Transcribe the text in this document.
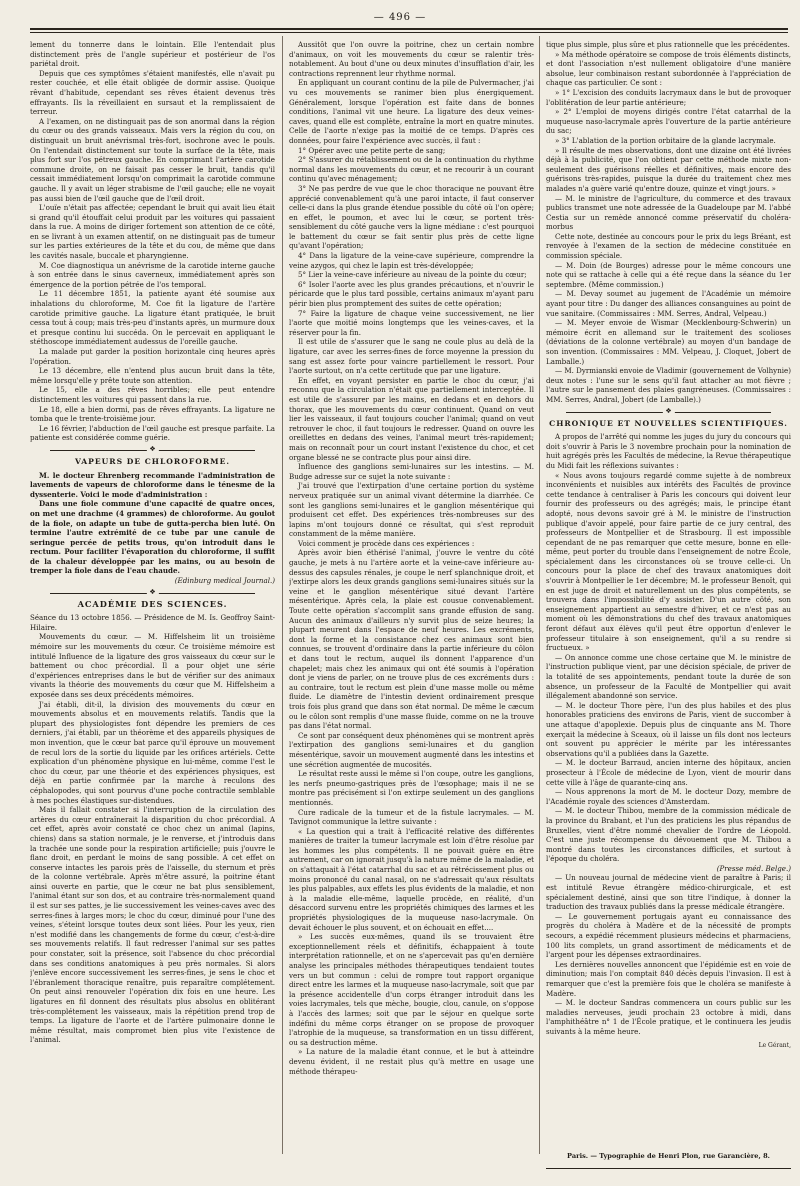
— 496 —

lement du tonnerre dans le lointain. Elle l'entendait plus distinctement près de l'angle supérieur et postérieur de l'os pariétal droit.

Depuis que ces symptômes s'étaient manifestés, elle n'avait pu rester couchée, et elle était obligée de dormir assise. Quoique rêvant d'habitude, cependant ses rêves étaient devenus très effrayants. Ils la réveillaient en sursaut et la remplissaient de terreur.

A l'examen, on ne distinguait pas de son anormal dans la région du cœur ou des grands vaisseaux. Mais vers la région du cou, on distinguait un bruit anévrismal très-fort, isochrone avec le pouls. On l'entendait distinctement sur toute la surface de la tête, mais plus fort sur l'os pétreux gauche. En comprimant l'artère carotide commune droite, on ne faisait pas cesser le bruit, tandis qu'il cessait immédiatement lorsqu'on comprimait la carotide commune gauche. Il y avait un léger strabisme de l'œil gauche; elle ne voyait pas aussi bien de l'œil gauche que de l'œil droit.

L'ouïe n'était pas affectée; cependant le bruit qui avait lieu était si grand qu'il étouffait celui produit par les voitures qui passaient dans la rue. A moins de diriger fortement son attention de ce côté, en se livrant à un examen attentif, on ne distinguait pas de tumeur sur les parties extérieures de la tête et du cou, de même que dans les cavités nasale, buccale et pharyngienne.

M. Coe diagnostiqua un anévrisme de la carotide interne gauche à son entrée dans le sinus caverneux, immédiatement après son émergence de la portion pétrée de l'os temporal.

Le 11 décembre 1851, la patiente ayant été soumise aux inhalations du chloroforme, M. Coe fit la ligature de l'artère carotide primitive gauche. La ligature étant pratiquée, le bruit cessa tout à coup; mais très-peu d'instants après, un murmure doux et presque continu lui succéda. On le percevait en appliquant le stéthoscope immédiatement audessus de l'oreille gauche.

La malade put garder la position horizontale cinq heures après l'opération.

Le 13 décembre, elle n'entend plus aucun bruit dans la tête, même lorsqu'elle y prête toute son attention.

Le 15, elle a des rêves horribles; elle peut entendre distinctement les voitures qui passent dans la rue.

Le 18, elle a bien dormi, pas de rêves effrayants. La ligature ne tomba que le trente-troisième jour.

Le 16 février, l'abduction de l'œil gauche est presque parfaite. La patiente est considérée comme guérie.

❖
VAPEURS DE CHLOROFORME.

M. le docteur Ehrenberg recommande l'administration de lavements de vapeurs de chloroforme dans le ténesme de la dyssenterie. Voici le mode d'administration :

Dans une fiole commune d'une capacité de quatre onces, on met une drachme (4 grammes) de chloroforme. Au goulot de la fiole, on adapte un tube de gutta-percha bien luté. On termine l'autre extrémité de ce tube par une canule de seringue percée de petits trous, qu'on introduit dans le rectum. Pour faciliter l'évaporation du chloroforme, il suffit de la chaleur développée par les mains, ou au besoin de tremper la fiole dans de l'eau chaude.

(Edinburg medical Journal.)
❖
ACADÉMIE DES SCIENCES.

Séance du 13 octobre 1856. — Présidence de M. Is. Geoffroy Saint-Hilaire.

Mouvements du cœur. — M. Hiffelsheim lit un troisième mémoire sur les mouvements du cœur. Ce troisième mémoire est intitulé Influence de la ligature des gros vaisseaux du cœur sur le battement ou choc précordial. Il a pour objet une série d'expériences entreprises dans le but de vérifier sur des animaux vivants la théorie des mouvements du cœur que M. Hiffelsheim a exposée dans ses deux précédents mémoires.

J'ai établi, dit-il, la division des mouvements du cœur en mouvements absolus et en mouvements relatifs. Tandis que la plupart des physiologistes font dépendre les premiers de ces derniers, j'ai établi, par un théorème et des appareils physiques de mon invention, que le cœur bat parce qu'il éprouve un mouvement de recul lors de la sortie du liquide par les orifices artériels. Cette explication d'un phénomène physique en lui-même, comme l'est le choc du cœur, par une théorie et des expériences physiques, est déjà en partie confirmée par la marche à reculons des céphalopodes, qui sont pourvus d'une poche contractile semblable à mes poches élastiques sur-distendues.

Mais il fallait constater si l'interruption de la circulation des artères du cœur entraînerait la disparition du choc précordial. A cet effet, après avoir constaté ce choc chez un animal (lapins, chiens) dans sa station normale, je le renverse, et j'introduis dans la trachée une sonde pour la respiration artificielle; puis j'ouvre le flanc droit, en perdant le moins de sang possible. A cet effet on conserve intactes les parois près de l'aisselle, du sternum et près de la colonne vertébrale. Après m'être assuré, la poitrine étant ainsi ouverte en partie, que le cœur ne bat plus sensiblement, l'animal étant sur son dos, et au contraire très-normalement quand il est sur ses pattes, je lie successivement les veines-caves avec des serres-fines à larges mors; le choc du cœur, diminué pour l'une des veines, s'éteint lorsque toutes deux sont liées. Pour les yeux, rien n'est modifié dans les changements de forme du cœur, c'est-à-dire ses mouvements relatifs. Il faut redresser l'animal sur ses pattes pour constater, soit la présence, soit l'absence du choc précordial dans ses conditions anatomiques à peu près normales. Si alors j'enlève encore successivement les serres-fines, je sens le choc et l'ébranlement thoracique renaître, puis reparaître complétement. On peut ainsi renouveler l'opération dix fois en une heure. Les ligatures en fil donnent des résultats plus absolus en oblitérant très-complétement les vaisseaux, mais la répétition prend trop de temps. La ligature de l'aorte et de l'artère pulmonaire donne le même résultat, mais compromet bien plus vite l'existence de l'animal.

Aussitôt que l'on ouvre la poitrine, chez un certain nombre d'animaux, on voit les mouvements du cœur se ralentir très-notablement. Au bout d'une ou deux minutes d'insufflation d'air, les contractions reprennent leur rhythme normal.

En appliquant un courant continu de la pile de Pulvermacher, j'ai vu ces mouvements se ranimer bien plus énergiquement. Généralement, lorsque l'opération est faite dans de bonnes conditions, l'animal vit une heure. La ligature des deux veines-caves, quand elle est complète, entraîne la mort en quatre minutes. Celle de l'aorte n'exige pas la moitié de ce temps. D'après ces données, pour faire l'expérience avec succès, il faut :

1° Opérer avec une petite perte de sang;

2° S'assurer du rétablissement ou de la continuation du rhythme normal dans les mouvements du cœur, et ne recourir à un courant continu qu'avec ménagement;

3° Ne pas perdre de vue que le choc thoracique ne pouvant être apprécié convenablement qu'à une paroi intacte, il faut conserver celle-ci dans la plus grande étendue possible du côté où l'on opère; en effet, le poumon, et avec lui le cœur, se portent très-sensiblement du côté gauche vers la ligne médiane : c'est pourquoi le battement du cœur se fait sentir plus près de cette ligne qu'avant l'opération;

4° Dans la ligature de la veine-cave supérieure, comprendre la veine azygos, qui chez le lapin est très-développée;

5° Lier la veine-cave inférieure au niveau de la pointe du cœur;

6° Isoler l'aorte avec les plus grandes précautions, et n'ouvrir le péricarde que le plus tard possible, certains animaux m'ayant paru périr bien plus promptement des suites de cette opération;

7° Faire la ligature de chaque veine successivement, ne lier l'aorte que moitié moins longtemps que les veines-caves, et la réserver pour la fin.

Il est utile de s'assurer que le sang ne coule plus au delà de la ligature, car avec les serres-fines de force moyenne la pression du sang est assez forte pour vaincre partiellement le ressort. Pour l'aorte surtout, on n'a cette certitude que par une ligature.

En effet, en voyant persister en partie le choc du cœur, j'ai reconnu que la circulation n'était que partiellement interceptée. Il est utile de s'assurer par les mains, en dedans et en dehors du thorax, que les mouvements du cœur continuent. Quand on veut lier les vaisseaux, il faut toujours coucher l'animal; quand on veut retrouver le choc, il faut toujours le redresser. Quand on ouvre les oreillettes en dedans des veines, l'animal meurt très-rapidement; mais on reconnaît pour un court instant l'existence du choc, et cet organe blessé ne se contracte plus pour ainsi dire.

Influence des ganglions semi-lunaires sur les intestins. — M. Budge adresse sur ce sujet la note suivante :

J'ai trouvé que l'extirpation d'une certaine portion du système nerveux pratiquée sur un animal vivant détermine la diarrhée. Ce sont les ganglions semi-lunaires et le ganglion mésentérique qui produisent cet effet. Des expériences très-nombreuses sur des lapins m'ont toujours donné ce résultat, qui s'est reproduit constamment de la même manière.

Voici comment je procède dans ces expériences :

Après avoir bien éthérisé l'animal, j'ouvre le ventre du côté gauche, je mets à nu l'artère aorte et la veine-cave inférieure au-dessus des capsules rénales, je coupe le nerf splanchnique droit, et j'extirpe alors les deux grands ganglions semi-lunaires situés sur la veine et le ganglion mésentérique situé devant l'artère mésentérique. Après cela, la plaie est cousue convenablement. Toute cette opération s'accomplit sans grande effusion de sang. Aucun des animaux d'ailleurs n'y survit plus de seize heures; la plupart meurent dans l'espace de neuf heures. Les excréments, dont la forme et la consistance chez ces animaux sont bien connues, se trouvent d'ordinaire dans la partie inférieure du côlon et dans tout le rectum, auquel ils donnent l'apparence d'un chapelet; mais chez les animaux qui ont été soumis à l'opération dont je viens de parler, on ne trouve plus de ces excréments durs : au contraire, tout le rectum est plein d'une masse molle ou même fluide. Le diamètre de l'intestin devient ordinairement presque trois fois plus grand que dans son état normal. De même le cæcum ou le côlon sont remplis d'une masse fluide, comme on ne la trouve pas dans l'état normal.

Ce sont par conséquent deux phénomènes qui se montrent après l'extirpation des ganglions semi-lunaires et du ganglion mésentérique, savoir un mouvement augmenté dans les intestins et une sécrétion augmentée de mucosités.

Le résultat reste aussi le même si l'on coupe, outre les ganglions, les nerfs pneumo-gastriques près de l'œsophage; mais il ne se montre pas précisément si l'on extirpe seulement un des ganglions mentionnés.

Cure radicale de la tumeur et de la fistule lacrymales. — M. Tavignot communique la lettre suivante :

« La question qui a trait à l'efficacité relative des différentes manières de traiter la tumeur lacrymale est loin d'être résolue par les hommes les plus compétents. Il ne pouvait guère en être autrement, car on ignorait jusqu'à la nature même de la maladie, et on s'attaquait à l'état catarrhal du sac et au rétrécissement plus ou moins prononcé du canal nasal, on ne s'adressait qu'aux résultats les plus palpables, aux effets les plus évidents de la maladie, et non à la maladie elle-même, laquelle procède, en réalité, d'un désaccord survenu entre les propriétés chimiques des larmes et les propriétés physiologiques de la muqueuse naso-lacrymale. On devait échouer le plus souvent, et on échouait en effet....

» Les succès eux-mêmes, quand ils se trouvaient être exceptionnellement réels et définitifs, échappaient à toute interprétation rationnelle, et on ne s'apercevait pas qu'en dernière analyse les principales méthodes thérapeutiques tendaient toutes vers un but commun : celui de rompre tout rapport organique direct entre les larmes et la muqueuse naso-lacrymale, soit que par la présence accidentelle d'un corps étranger introduit dans les voies lacrymales, tels que mèche, bougie, clou, canule, on s'oppose à l'accès des larmes; soit que par le séjour en quelque sorte indéfini du même corps étranger on se propose de provoquer l'atrophie de la muqueuse, sa transformation en un tissu différent, ou sa destruction même.

» La nature de la maladie étant connue, et le but à atteindre devenu évident, il ne restait plus qu'à mettre en usage une méthode thérapeu-

tique plus simple, plus sûre et plus rationnelle que les précédentes.

» Ma méthode opératoire se compose de trois éléments distincts, et dont l'association n'est nullement obligatoire d'une manière absolue, leur combinaison restant subordonnée à l'appréciation de chaque cas particulier. Ce sont :

» 1° L'excision des conduits lacrymaux dans le but de provoquer l'oblitération de leur partie antérieure;

» 2° L'emploi de moyens dirigés contre l'état catarrhal de la muqueuse naso-lacrymale après l'ouverture de la partie antérieure du sac;

» 3° L'ablation de la portion orbitaire de la glande lacrymale.

» Il résulte de mes observations, dont une dizaine ont été livrées déjà à la publicité, que l'on obtient par cette méthode mixte non-seulement des guérisons réelles et définitives, mais encore des guérisons très-rapides, puisque la durée du traitement chez mes malades n'a guère varié qu'entre douze, quinze et vingt jours. »

— M. le ministre de l'agriculture, du commerce et des travaux publics transmet une note adressée de la Guadeloupe par M. l'abbé Cestia sur un remède annoncé comme préservatif du choléra-morbus

Cette note, destinée au concours pour le prix du legs Bréant, est renvoyée à l'examen de la section de médecine constituée en commission spéciale.

— M. Doin (de Bourges) adresse pour le même concours une note qui se rattache à celle qui a été reçue dans la séance du 1er septembre. (Même commission.)

— M. Devay soumet au jugement de l'Académie un mémoire ayant pour titre : Du danger des alliances consanguines au point de vue sanitaire. (Commissaires : MM. Serres, Andral, Velpeau.)

— M. Meyer envoie de Wismar (Mecklenbourg-Schwerin) un mémoire écrit en allemand sur le traitement des scolioses (déviations de la colonne vertébrale) au moyen d'un bandage de son invention. (Commissaires : MM. Velpeau, J. Cloquet, Jobert de Lamballe.)

— M. Dyrmianski envoie de Vladimir (gouvernement de Volhynie) deux notes : l'une sur le sens qu'il faut attacher au mot fièvre ; l'autre sur le pansement des plaies gangréneuses. (Commissaires : MM. Serres, Andral, Jobert (de Lamballe).)

❖
CHRONIQUE ET NOUVELLES SCIENTIFIQUES.

A propos de l'arrêté qui nomme les juges du jury du concours qui doit s'ouvrir à Paris le 3 novembre prochain pour la nomination de huit agrégés près les Facultés de médecine, la Revue thérapeutique du Midi fait les réflexions suivantes :

« Nous avons toujours regardé comme sujette à de nombreux inconvénients et nuisibles aux intérêts des Facultés de province cette tendance à centraliser à Paris les concours qui doivent leur fournir des professeurs ou des agrégés; mais, le principe étant adopté, nous devons savoir gré à M. le ministre de l'instruction publique d'avoir appelé, pour faire partie de ce jury central, des professeurs de Montpellier et de Strasbourg. Il est impossible cependant de ne pas remarquer que cette mesure, bonne en elle-même, peut porter du trouble dans l'enseignement de notre École, spécialement dans les circonstances où se trouve celle-ci. Un concours pour la place de chef des travaux anatomiques doit s'ouvrir à Montpellier le 1er décembre; M. le professeur Benoît, qui en est juge de droit et naturellement un des plus compétents, se trouvera dans l'impossibilité d'y assister. D'un autre côté, son enseignement appartient au semestre d'hiver, et ce n'est pas au moment où les démonstrations du chef des travaux anatomiques feront défaut aux élèves qu'il peut être opportun d'enlever le professeur titulaire à son enseignement, qu'il a su rendre si fructueux. »

— On annonce comme une chose certaine que M. le ministre de l'instruction publique vient, par une décision spéciale, de priver de la totalité de ses appointements, pendant toute la durée de son absence, un professeur de la Faculté de Montpellier qui avait illégalement abandonné son service.

— M. le docteur Thore père, l'un des plus habiles et des plus honorables praticiens des environs de Paris, vient de succomber à une attaque d'apoplexie. Depuis plus de cinquante ans M. Thore exerçait la médecine à Sceaux, où il laisse un fils dont nos lecteurs ont souvent pu apprécier le mérite par les intéressantes observations qu'il a publiées dans la Gazette.

— M. le docteur Barraud, ancien interne des hôpitaux, ancien prosecteur à l'École de médecine de Lyon, vient de mourir dans cette ville à l'âge de quarante-cinq ans.

— Nous apprenons la mort de M. le docteur Dozy, membre de l'Académie royale des sciences d'Amsterdam.

— M. le docteur Thibou, membre de la commission médicale de la province du Brabant, et l'un des praticiens les plus répandus de Bruxelles, vient d'être nommé chevalier de l'ordre de Léopold. C'est une juste récompense du dévouement que M. Thibou a montré dans toutes les circonstances difficiles, et surtout à l'époque du choléra.

(Presse méd. Belge.)

— Un nouveau journal de médecine vient de paraître à Paris; il est intitulé Revue étrangère médico-chirurgicale, et est spécialement destiné, ainsi que son titre l'indique, à donner la traduction des travaux publiés dans la presse médicale étrangère.

— Le gouvernement portugais ayant eu connaissance des progrès du choléra à Madère et de la nécessité de prompts secours, a expédié récemment plusieurs médecins et pharmaciens, 100 lits complets, un grand assortiment de médicaments et de l'argent pour les dépenses extraordinaires.

Les dernières nouvelles annoncent que l'épidémie est en voie de diminution; mais l'on comptait 840 décès depuis l'invasion. Il est à remarquer que c'est la première fois que le choléra se manifeste à Madère.

— M. le docteur Sandras commencera un cours public sur les maladies nerveuses, jeudi prochain 23 octobre à midi, dans l'amphithéâtre n° 1 de l'École pratique, et le continuera les jeudis suivants à la même heure.

Le Gérant,
Paris. — Typographie de Henri Plon, rue Garancière, 8.
